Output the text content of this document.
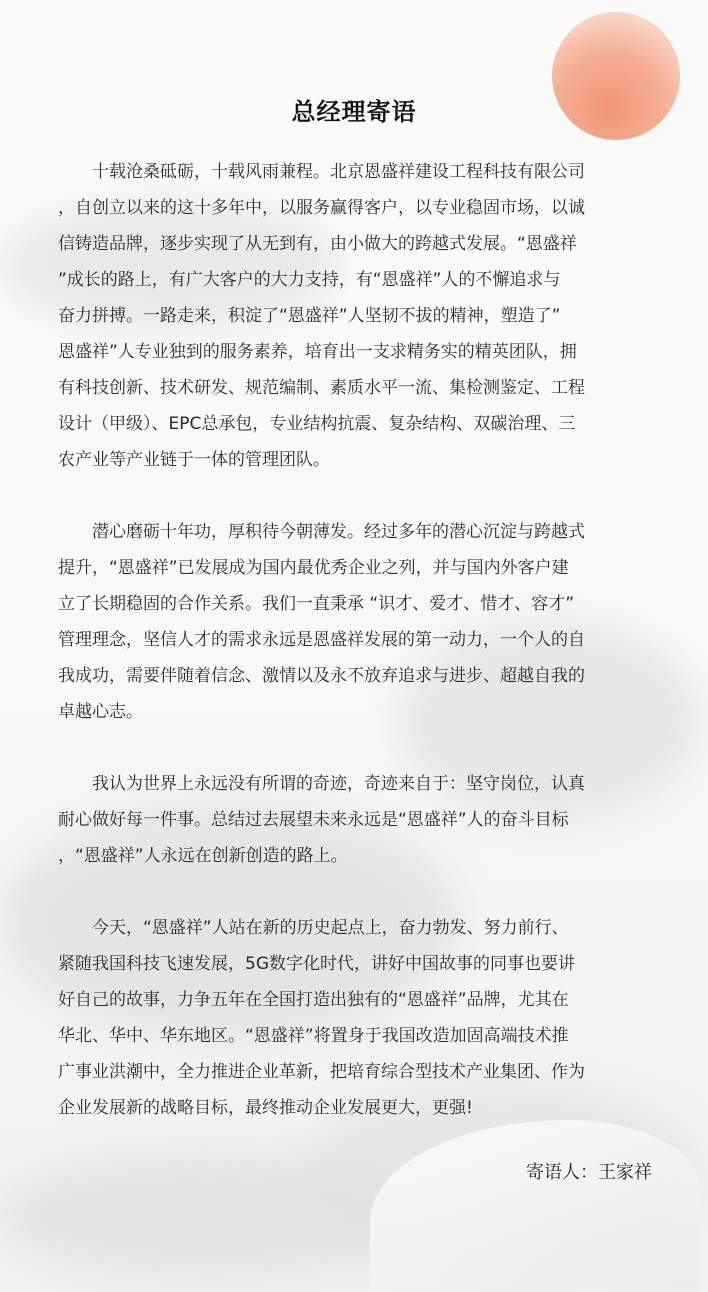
总经理寄语
十载沧桑砥砺，十载风雨兼程。北京恩盛祥建设工程科技有限公司
，自创立以来的这十多年中，以服务赢得客户，以专业稳固市场，以诚
信铸造品牌，逐步实现了从无到有，由小做大的跨越式发展。“恩盛祥
”成长的路上，有广大客户的大力支持，有“恩盛祥”人的不懈追求与
奋力拼搏。一路走来，积淀了“恩盛祥”人坚韧不拔的精神，塑造了”
恩盛祥”人专业独到的服务素养，培育出一支求精务实的精英团队，拥
有科技创新、技术研发、规范编制、素质水平一流、集检测鉴定、工程
设计（甲级）、EPC总承包，专业结构抗震、复杂结构、双碳治理、三
农产业等产业链于一体的管理团队。
潜心磨砺十年功，厚积待今朝薄发。经过多年的潜心沉淀与跨越式
提升，“恩盛祥”已发展成为国内最优秀企业之列，并与国内外客户建
立了长期稳固的合作关系。我们一直秉承 “识才、爱才、惜才、容才”
管理理念，坚信人才的需求永远是恩盛祥发展的第一动力，一个人的自
我成功，需要伴随着信念、激情以及永不放弃追求与进步、超越自我的
卓越心志。
我认为世界上永远没有所谓的奇迹，奇迹来自于：坚守岗位，认真
耐心做好每一件事。总结过去展望未来永远是“恩盛祥”人的奋斗目标
，“恩盛祥”人永远在创新创造的路上。
今天，“恩盛祥”人站在新的历史起点上，奋力勃发、努力前行、
紧随我国科技飞速发展，5G数字化时代，讲好中国故事的同事也要讲
好自己的故事，力争五年在全国打造出独有的“恩盛祥”品牌，尤其在
华北、华中、华东地区。“恩盛祥”将置身于我国改造加固高端技术推
广事业洪潮中，全力推进企业革新，把培育综合型技术产业集团、作为
企业发展新的战略目标，最终推动企业发展更大，更强!
寄语人：王家祥
